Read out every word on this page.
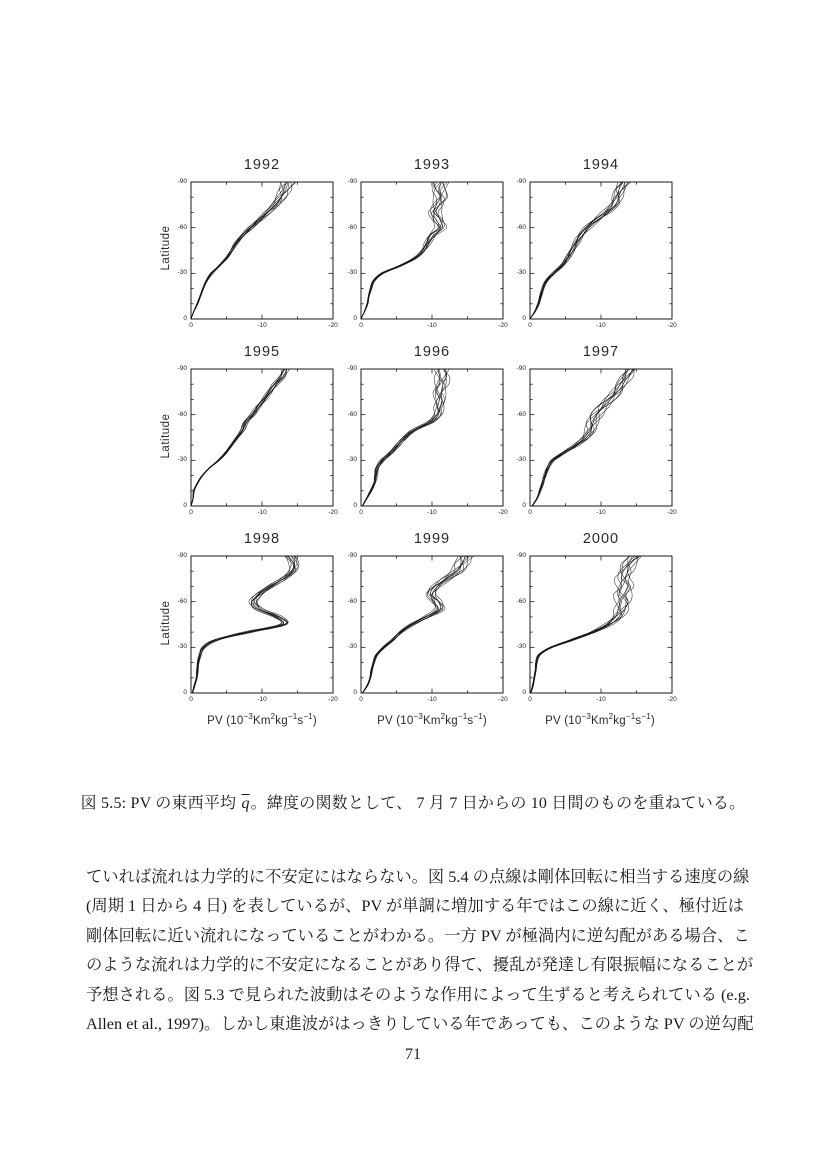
1992
-90
-60
-30
0
0	-10	-20
1993
-90
-60
-30
0
0	-10	-20
1994
-90
-60
-30
0
0	-10	-20
1995
-90
-60
-30
0
0	-10	-20
1996
-90
-60
-30
0
0	-10	-20
1997
-90
-60
-30
0
0	-10	-20
1998
-90
-60
-30
0
0	-10	-20
1999
-90
-60
-30
0
0	-10	-20
2000
-90
-60
-30
0
0	-10	-20
Latitude
Latitude
Latitude
PV $(10^{-3}Km^2kg^{-1}s^{-1})$	PV $(10^{-3}Km^2kg^{-1}s^{-1})$	PV $(10^{-3}Km^2kg^{-1}s^{-1})$
図 5.5: PV の東西平均 $\overline{q}$。緯度の関数として、 7 月 7 日からの 10 日間のものを重ねている。
ていれば流れは力学的に不安定にはならない。図 5.4 の点線は剛体回転に相当する速度の線
(周期 1 日から 4 日) を表しているが、PV が単調に増加する年ではこの線に近く、極付近は
剛体回転に近い流れになっていることがわかる。一方 PV が極渦内に逆勾配がある場合、こ
のような流れは力学的に不安定になることがあり得て、擾乱が発達し有限振幅になることが
予想される。図 5.3 で見られた波動はそのような作用によって生ずると考えられている (e.g.
Allen et al., 1997)。しかし東進波がはっきりしている年であっても、このような PV の逆勾配
71
